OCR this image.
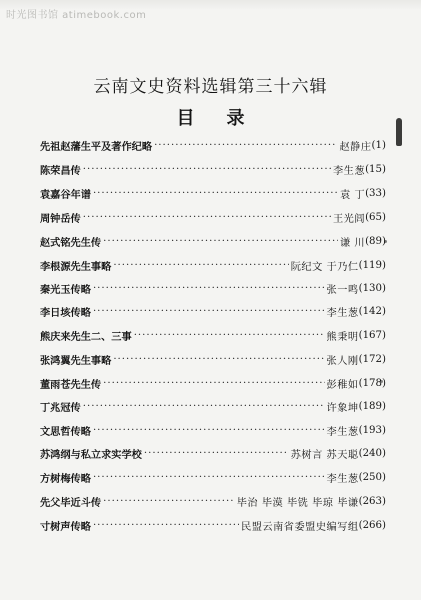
时光图书馆 atimebook.com
云南文史资料选辑第三十六辑
目 录
先祖赵藩生平及著作纪略 ·····	赵静庄 ( 1 )
陈荣昌传 ·····	李生葱 ( 15 )
袁嘉谷年谱 ·····	袁 丁 ( 33 )
周钟岳传 ·····	王光闾 ( 65 )
赵式铭先生传 ·····	谦 川 ( 89 )
李根源先生事略 ·····	阮纪文 于乃仁 ( 119 )
秦光玉传略 ·····	张一鸣 ( 130 )
李日垓传略 ·····	李生葱 ( 142 )
熊庆来先生二、三事 ·····	熊秉明 ( 167 )
张鸿翼先生事略 ·····	张人刚 ( 172 )
董雨苍先生传 ·····	彭稚如 ( 178 )
丁兆冠传 ·····	许象坤 ( 189 )
文思哲传略 ·····	李生葱 ( 193 )
苏鸿纲与私立求实学校 ·····	苏树言 苏天聪 ( 240 )
方树梅传略 ·····	李生葱 ( 250 )
先父毕近斗传 ·····	毕治 毕漠 毕铣 毕琼 毕谦 ( 263 )
寸树声传略 ·····	民盟云南省委盟史编写组 ( 266 )
